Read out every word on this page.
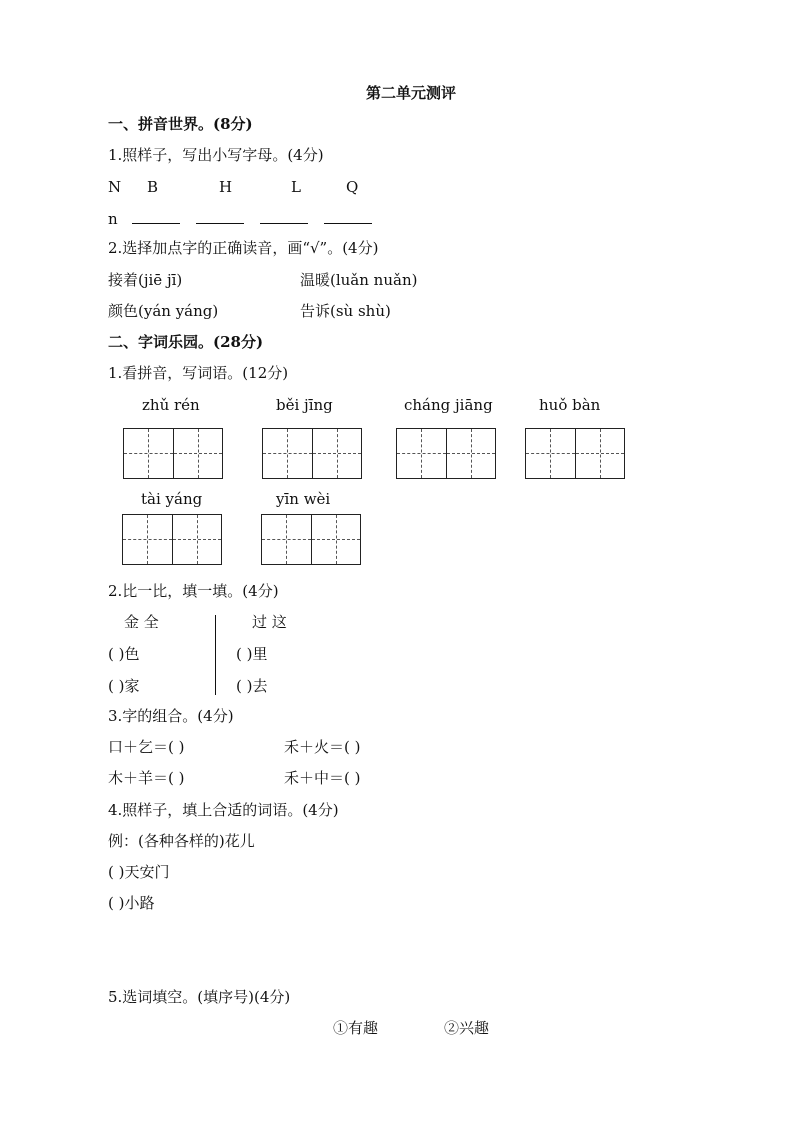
第二单元测评
一、拼音世界。(8分)
1.照样子，写出小写字母。(4分)
N B	H	L	Q
n
2.选择加点字的正确读音，画“√”。(4分)
接着(jiē jī)	温暖(luǎn nuǎn)
颜色(yán yáng)	告诉(sù shù)
二、字词乐园。(28分)
1.看拼音，写词语。(12分)
zhǔ rén	běi jīng	cháng jiāng	huǒ bàn
tài yáng	yīn wèi
2.比一比，填一填。(4分)
金 全	过 这
( )色	( )里
( )家	( )去
3.字的组合。(4分)
口＋乞＝( )	禾＋火＝( )
木＋羊＝( )	禾＋中＝( )
4.照样子，填上合适的词语。(4分)
例：(各种各样的)花儿
( )天安门
( )小路
5.选词填空。(填序号)(4分)
①有趣	②兴趣
